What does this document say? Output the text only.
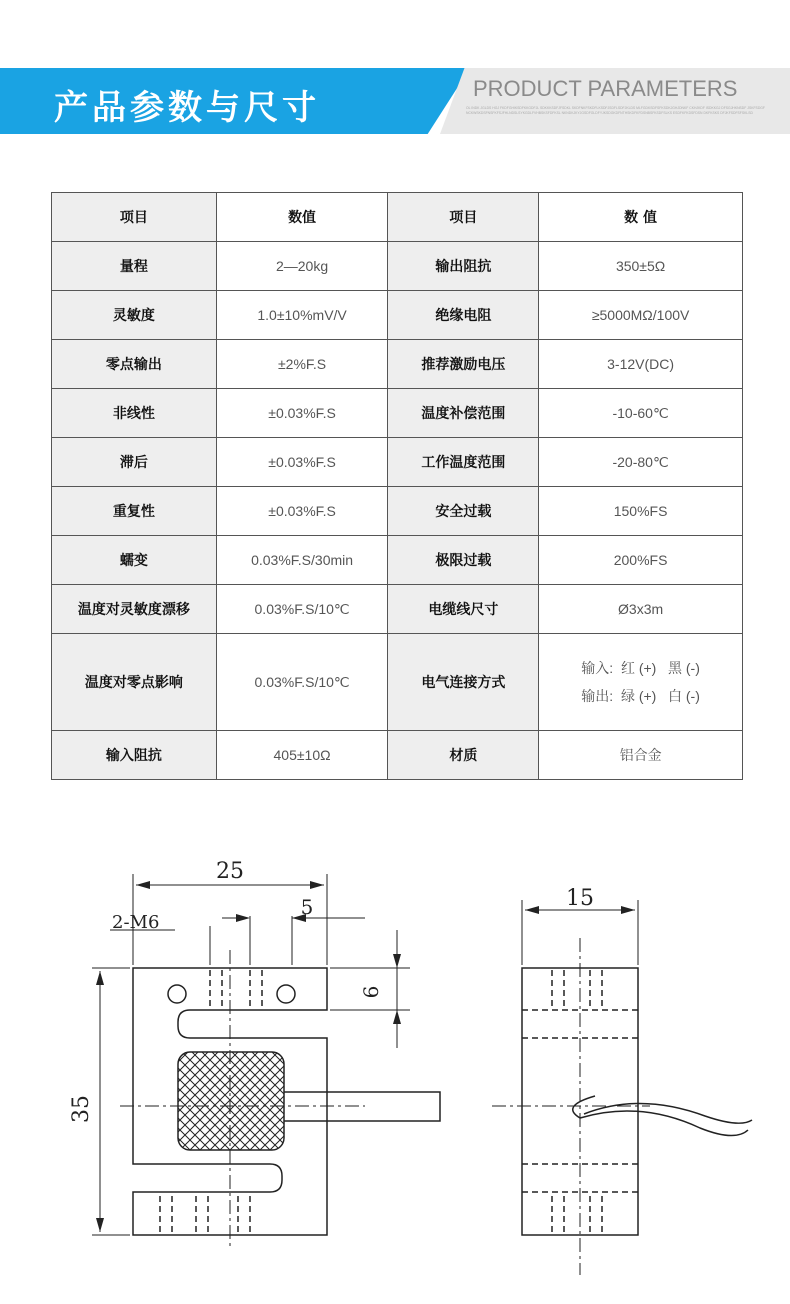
产品参数与尺寸	PRODUCT PARAMETERS
OL INDK JGLDS HGJ FKDFGHIKSDFKKGDFJL SDKKKSDFJFSDKL SKDFNKFSKDFLKSDFJSDFLSDFJKLDS MLFGDKSDFSFKSDKJGHJDNKF CKHJKDF ISDKKGJ DFSGJHKNSDF JSKFSDGFNCKWSKDSFNSFKFSJFHLNDSLSYKGDLFVHBSKSFDFKSL NKNDKJKYJGSDFGLDFYJKSDGKDFNTHSKDFKFDSNBSFKSDFSLKS ESDFKFKDSFDSN DKFKSKS DFJKFSDFSFSKLSD
项目	数值	项目	数 值
量程	2—20kg	输出阻抗	350±5Ω
灵敏度	1.0±10%mV/V	绝缘电阻	≥5000MΩ/100V
零点输出	±2%F.S	推荐激励电压	3-12V(DC)
非线性	±0.03%F.S	温度补偿范围	-10-60℃
滞后	±0.03%F.S	工作温度范围	-20-80℃
重复性	±0.03%F.S	安全过载	150%FS
蠕变	0.03%F.S/30min	极限过载	200%FS
温度对灵敏度漂移	0.03%F.S/10℃	电缆线尺寸	Ø3x3m
温度对零点影响	0.03%F.S/10℃	电气连接方式	输入:  红 (+)   黑 (-)
输出:  绿 (+)   白 (-)

输入阻抗	405±10Ω	材质	铝合金
25
5
2-M6
6
35
15
